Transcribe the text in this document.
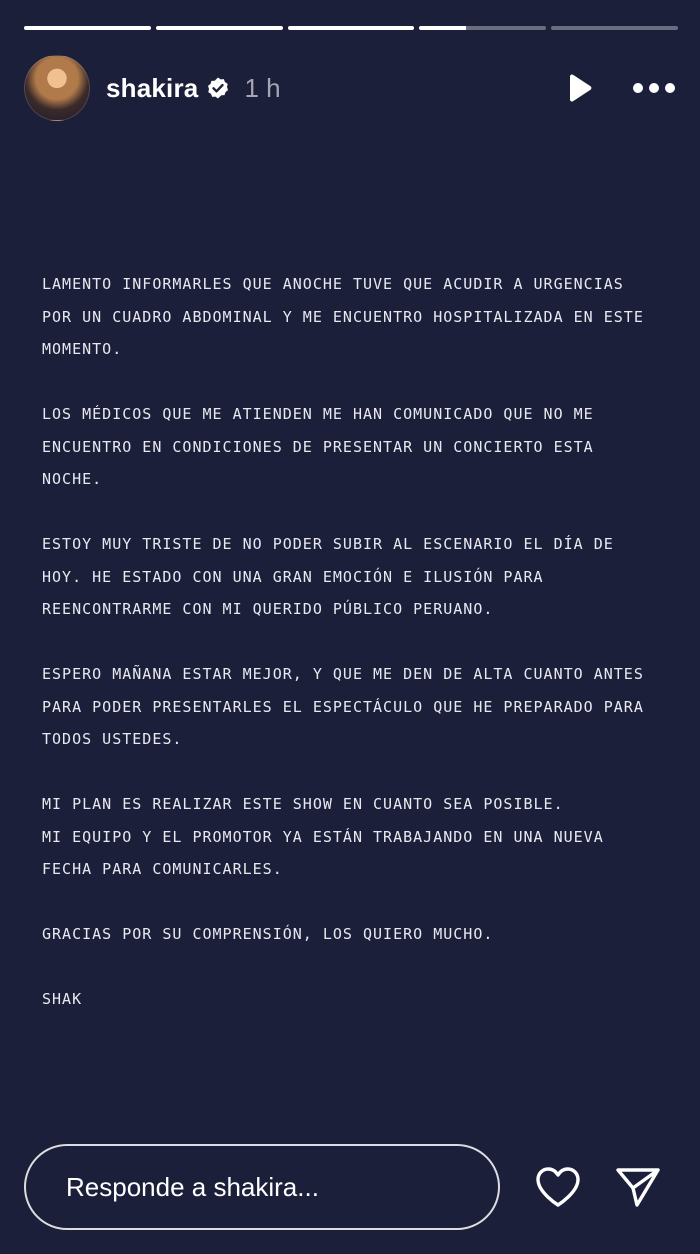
shakira 1 h

LAMENTO INFORMARLES QUE ANOCHE TUVE QUE ACUDIR A URGENCIAS
POR UN CUADRO ABDOMINAL Y ME ENCUENTRO HOSPITALIZADA EN ESTE
MOMENTO.

LOS MÉDICOS QUE ME ATIENDEN ME HAN COMUNICADO QUE NO ME
ENCUENTRO EN CONDICIONES DE PRESENTAR UN CONCIERTO ESTA
NOCHE.

ESTOY MUY TRISTE DE NO PODER SUBIR AL ESCENARIO EL DÍA DE
HOY. HE ESTADO CON UNA GRAN EMOCIÓN E ILUSIÓN PARA
REENCONTRARME CON MI QUERIDO PÚBLICO PERUANO.

ESPERO MAÑANA ESTAR MEJOR, Y QUE ME DEN DE ALTA CUANTO ANTES
PARA PODER PRESENTARLES EL ESPECTÁCULO QUE HE PREPARADO PARA
TODOS USTEDES.

MI PLAN ES REALIZAR ESTE SHOW EN CUANTO SEA POSIBLE.
MI EQUIPO Y EL PROMOTOR YA ESTÁN TRABAJANDO EN UNA NUEVA
FECHA PARA COMUNICARLES.

GRACIAS POR SU COMPRENSIÓN, LOS QUIERO MUCHO.

SHAK

Responde a shakira...
